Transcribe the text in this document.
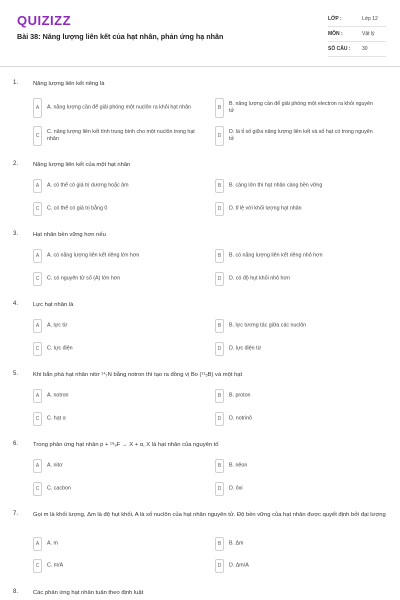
QUIZIZZ
Bài 38: Năng lượng liên kết của hạt nhân, phản ứng hạ nhân
LỚP :	Lớp 12
MÔN :	Vật lý
SỐ CÂU :	30
1.	Năng lượng liên kết riêng là
A	A. năng lượng cần để giải phóng một nuclôn ra khỏi hạt nhân	B
B. năng lượng cần để giải phóng một electron ra khỏi nguyên tử
C
C. năng lượng liên kết tính trung bình cho một nuclôn trong hạt nhân	D
D. là tỉ số giữa năng lượng liên kết và số hạt có trong nguyên tử
2.	Năng lượng liên kết của một hạt nhân
A	A. có thể có giá trị dương hoặc âm	B	B. càng lớn thì hạt nhân càng bền vững
C	C. có thể có giá trị bằng 0	D	D. tỉ lệ với khối lượng hạt nhân
3.	Hạt nhân bền vững hơn nếu
A	A. có năng lượng liên kết riêng lớn hơn	B	B. có năng lượng liên kết riêng nhỏ hơn
C	C. có nguyên tử số (A) lớn hơn	D	D. có độ hụt khối nhỏ hơn
4.	Lực hạt nhân là
A	A. lực từ	B	B. lực tương tác giữa các nuclôn
C	C. lực điện	D	D. lực điện từ
5.	Khi bắn phá hạt nhân nitơ ¹⁴₇N bằng notron thì tạo ra đồng vị Bo (¹¹₅B) và một hạt
A	A. notron	B	B. proton
C	C. hạt α	D	D. notrinô
6.	Trong phản ứng hạt nhân p + ¹⁹₉F → X + α, X là hạt nhân của nguyên tố
A	A. nitơ	B	B. nêon
C	C. cacbon	D	D. ôxi
7.	Gọi m là khối lượng, Δm là độ hụt khối, A là số nuclôn của hạt nhân nguyên tử. Độ bền vững của hạt nhân được quyết định bởi đại lượng
A	A. m	B	B. Δm
C	C. m/A	D	D. Δm/A
8.	Các phản ứng hạt nhân tuân theo định luật
